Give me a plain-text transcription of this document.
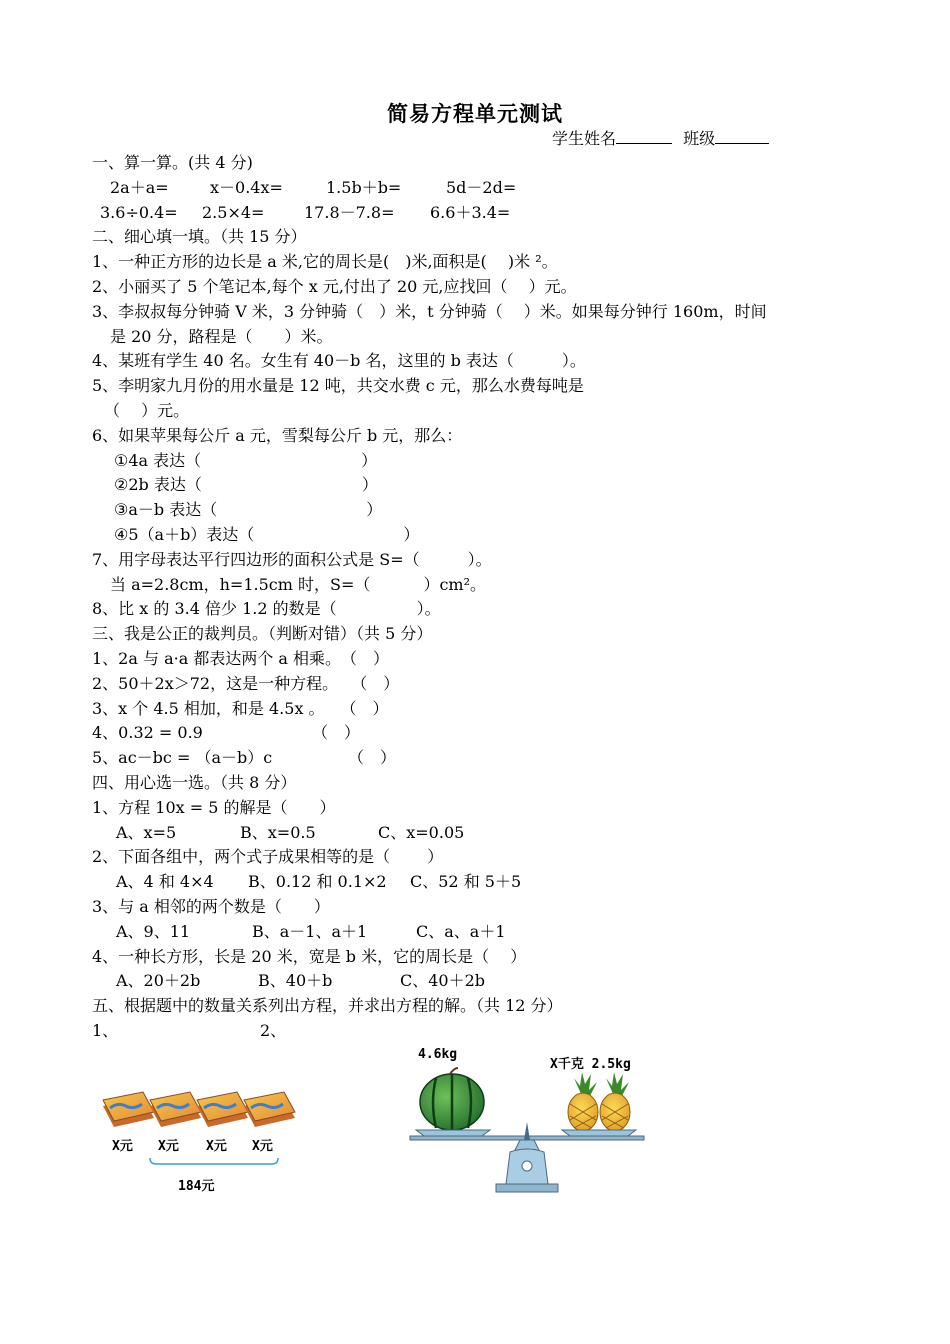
简易方程单元测试
学生姓名	班级
一、算一算。(共 4 分)
2a＋a=	x－0.4x=	1.5b＋b=	5d－2d=
3.6÷0.4= 2.5×4= 17.8－7.8= 6.6＋3.4=
二、细心填一填。（共 15 分）
1、一种正方形的边长是 a 米,它的周长是(　)米,面积是(　 )米 ²。
2、小丽买了 5 个笔记本,每个 x 元,付出了 20 元,应找回（　 ）元。
3、李叔叔每分钟骑 V 米，3 分钟骑（　）米，t 分钟骑（　 ）米。如果每分钟行 160m，时间
是 20 分，路程是（　　）米。
4、某班有学生 40 名。女生有 40－b 名，这里的 b 表达（　　　）。
5、李明家九月份的用水量是 12 吨，共交水费 c 元，那么水费每吨是
（　 ）元。
6、如果苹果每公斤 a 元，雪梨每公斤 b 元，那么：
①4a 表达（　　　　　　　　　　）
②2b 表达（　　　　　　　　　　）
③a－b 表达（　　　　　　　　　 ）
④5（a＋b）表达（　　　　　　　　　 ）
7、用字母表达平行四边形的面积公式是 S=（　　　）。
当 a=2.8cm，h=1.5cm 时，S=（　　　 ）cm²。
8、比 x 的 3.4 倍少 1.2 的数是（　　　　　）。
三、我是公正的裁判员。（判断对错）（共 5 分）
1、2a 与 a·a 都表达两个 a 相乘。　（　）
2、50＋2x＞72，这是一种方程。　 （　）
3、x 个 4.5 相加，和是 4.5x 。　　（　）
4、0.32 = 0.9	（　）
5、ac－bc = （a－b）c	（　）
四、用心选一选。（共 8 分）
1、方程 10x = 5 的解是（　　）
A、x=5	B、x=0.5	C、x=0.05
2、下面各组中，两个式子成果相等的是（　　 ）
A、4 和 4×4 B、0.12 和 0.1×2 C、52 和 5＋5
3、与 a 相邻的两个数是（　　）
A、9、11	B、a－1、a＋1	C、a、a＋1
4、一种长方形，长是 20 米，宽是 b 米，它的周长是（　 ）
A、20＋2b	B、40＋b	C、40＋2b
五、根据题中的数量关系列出方程，并求出方程的解。（共 12 分）
1、	2、
X元 X元 X元 X元
184元
4.6kg
X千克 2.5kg
